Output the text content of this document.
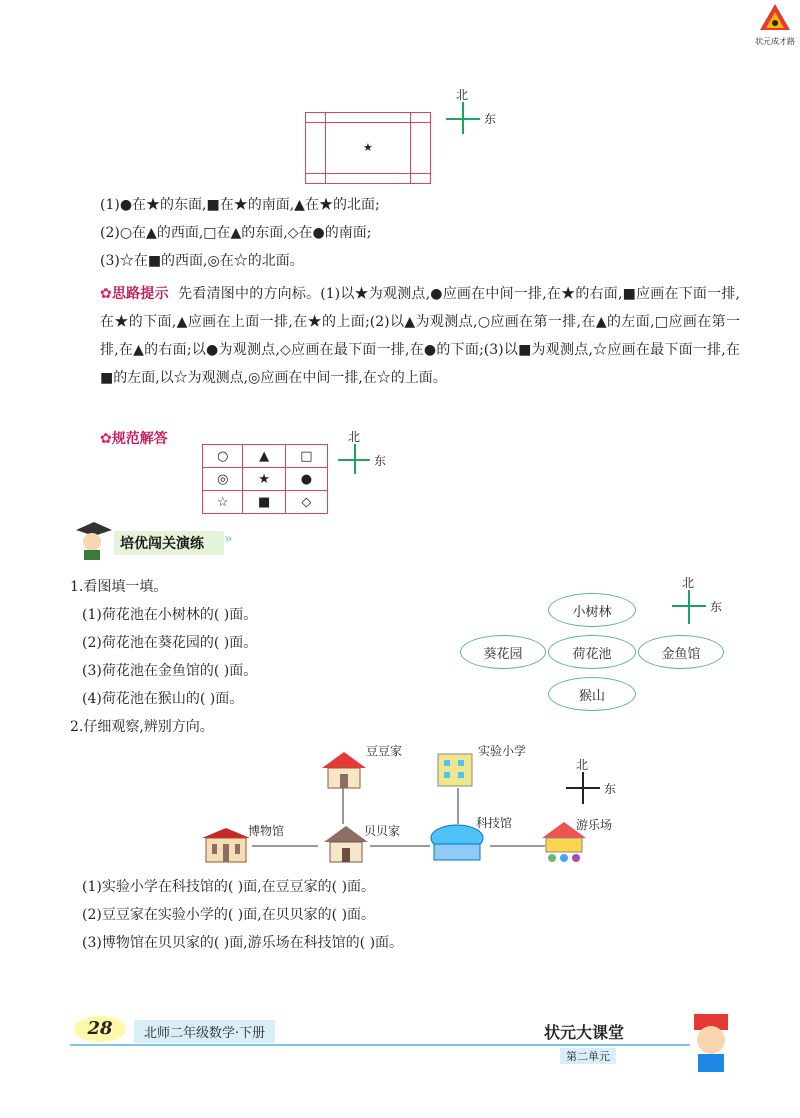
状元成才路

	★	

北
东
(1)●在★的东面,■在★的南面,▲在★的北面;
(2)○在▲的西面,□在▲的东面,◇在●的南面;
(3)☆在■的西面,◎在☆的北面。
✿思路提示 先看清图中的方向标。(1)以★为观测点,●应画在中间一排,在★的右面,■应画在下面一排,在★的下面,▲应画在上面一排,在★的上面;(2)以▲为观测点,○应画在第一排,在▲的左面,□应画在第一排,在▲的右面;以●为观测点,◇应画在最下面一排,在●的下面;(3)以■为观测点,☆应画在最下面一排,在■的左面,以☆为观测点,◎应画在中间一排,在☆的上面。
✿规范解答
○	▲	□
◎	★	●
☆	■	◇
北
东
培优闯关演练	»
1.看图填一填。
(1)荷花池在小树林的( )面。
(2)荷花池在葵花园的( )面。
(3)荷花池在金鱼馆的( )面。
(4)荷花池在猴山的( )面。
小树林
葵花园	荷花池	金鱼馆
猴山
北
东
2.仔细观察,辨别方向。
豆豆家	实验小学
博物馆	贝贝家
科技馆	游乐场
北
东
(1)实验小学在科技馆的( )面,在豆豆家的( )面。
(2)豆豆家在实验小学的( )面,在贝贝家的( )面。
(3)博物馆在贝贝家的( )面,游乐场在科技馆的( )面。
28	北师二年级数学·下册	状元大课堂
第二单元
